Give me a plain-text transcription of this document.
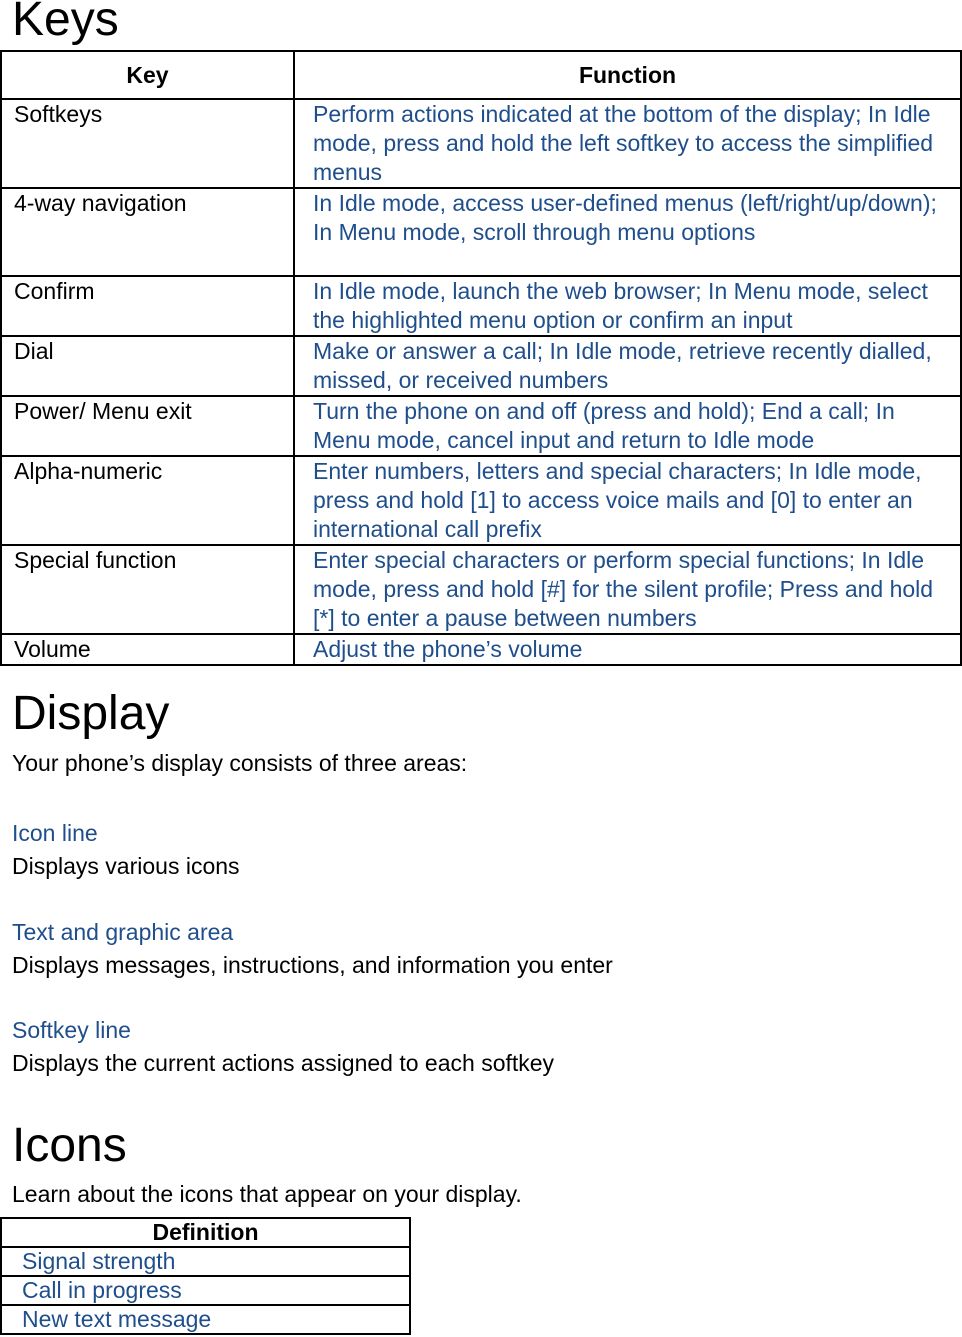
Keys
Key	Function
Softkeys	Perform actions indicated at the bottom of the display; In Idle mode, press and hold the left softkey to access the simplified menus
4-way navigation	In Idle mode, access user-defined menus (left/right/up/down); In Menu mode, scroll through menu options
Confirm	In Idle mode, launch the web browser; In Menu mode, select the highlighted menu option or confirm an input
Dial	Make or answer a call; In Idle mode, retrieve recently dialled, missed, or received numbers
Power/ Menu exit	Turn the phone on and off (press and hold); End a call; In Menu mode, cancel input and return to Idle mode
Alpha-numeric	Enter numbers, letters and special characters; In Idle mode, press and hold [1] to access voice mails and [0] to enter an international call prefix
Special function	Enter special characters or perform special functions; In Idle mode, press and hold [#] for the silent profile; Press and hold [*] to enter a pause between numbers
Volume	Adjust the phone’s volume
Display

Your phone’s display consists of three areas:

Icon line

Displays various icons

Text and graphic area

Displays messages, instructions, and information you enter

Softkey line

Displays the current actions assigned to each softkey

Icons

Learn about the icons that appear on your display.

Definition
Signal strength
Call in progress
New text message
